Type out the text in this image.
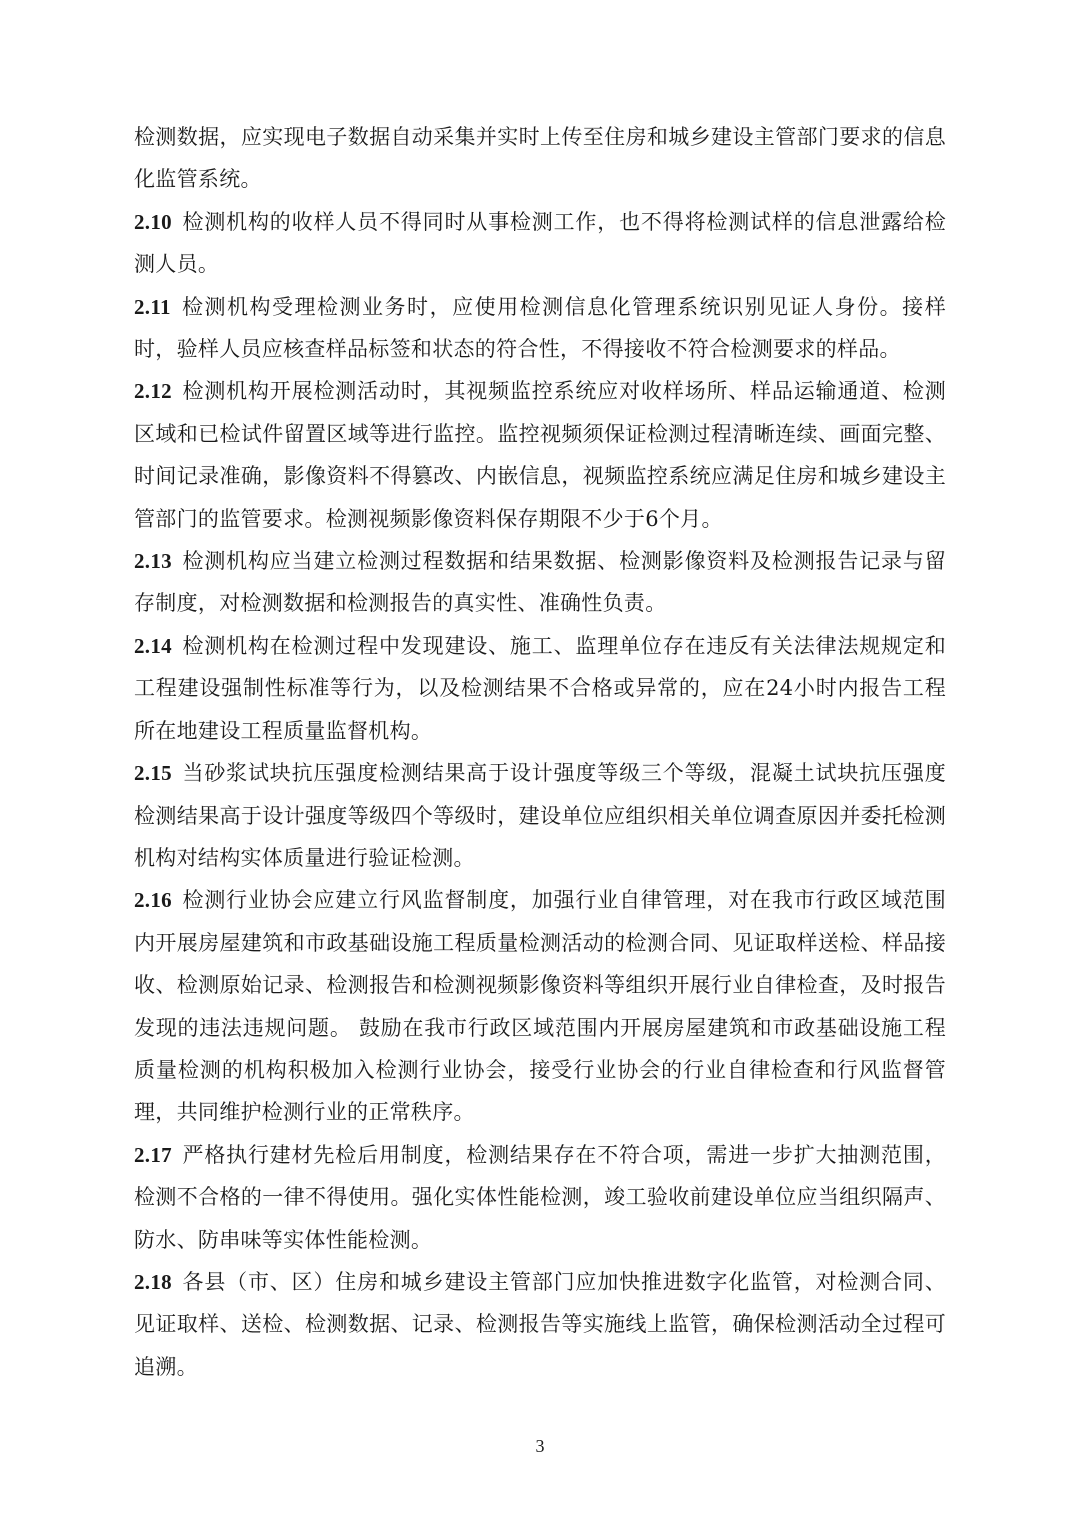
检测数据，应实现电子数据自动采集并实时上传至住房和城乡建设主管部门要求的信息化监管系统。

2.10 检测机构的收样人员不得同时从事检测工作，也不得将检测试样的信息泄露给检测人员。

2.11 检测机构受理检测业务时，应使用检测信息化管理系统识别见证人身份。接样时，验样人员应核查样品标签和状态的符合性，不得接收不符合检测要求的样品。

2.12 检测机构开展检测活动时，其视频监控系统应对收样场所、样品运输通道、检测区域和已检试件留置区域等进行监控。监控视频须保证检测过程清晰连续、画面完整、时间记录准确，影像资料不得篡改、内嵌信息，视频监控系统应满足住房和城乡建设主管部门的监管要求。检测视频影像资料保存期限不少于6个月。

2.13 检测机构应当建立检测过程数据和结果数据、检测影像资料及检测报告记录与留存制度，对检测数据和检测报告的真实性、准确性负责。

2.14 检测机构在检测过程中发现建设、施工、监理单位存在违反有关法律法规规定和工程建设强制性标准等行为，以及检测结果不合格或异常的，应在24小时内报告工程所在地建设工程质量监督机构。

2.15 当砂浆试块抗压强度检测结果高于设计强度等级三个等级，混凝土试块抗压强度检测结果高于设计强度等级四个等级时，建设单位应组织相关单位调查原因并委托检测机构对结构实体质量进行验证检测。

2.16 检测行业协会应建立行风监督制度，加强行业自律管理，对在我市行政区域范围内开展房屋建筑和市政基础设施工程质量检测活动的检测合同、见证取样送检、样品接收、检测原始记录、检测报告和检测视频影像资料等组织开展行业自律检查，及时报告发现的违法违规问题。 鼓励在我市行政区域范围内开展房屋建筑和市政基础设施工程质量检测的机构积极加入检测行业协会，接受行业协会的行业自律检查和行风监督管理，共同维护检测行业的正常秩序。

2.17 严格执行建材先检后用制度，检测结果存在不符合项，需进一步扩大抽测范围，检测不合格的一律不得使用。强化实体性能检测，竣工验收前建设单位应当组织隔声、防水、防串味等实体性能检测。

2.18 各县（市、区）住房和城乡建设主管部门应加快推进数字化监管，对检测合同、见证取样、送检、检测数据、记录、检测报告等实施线上监管，确保检测活动全过程可追溯。

3
